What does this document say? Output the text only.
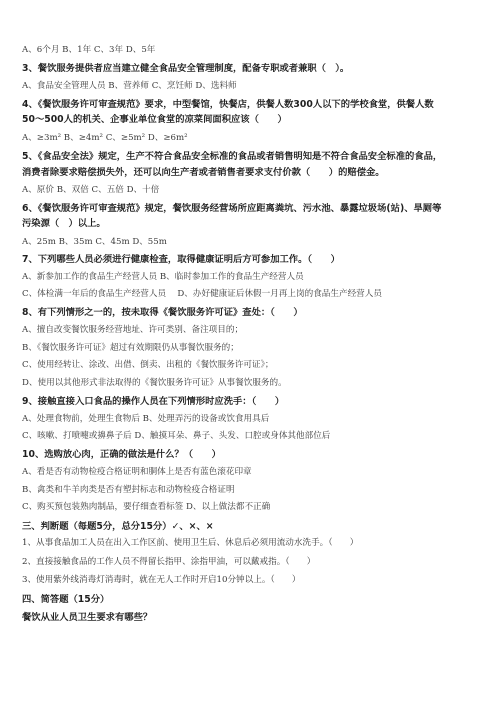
A、6个月 B、1年 C、3年 D、5年
3、餐饮服务提供者应当建立健全食品安全管理制度，配备专职或者兼职（　）。
A、食品安全管理人员 B、营养师 C、烹饪师 D、选料师
4、《餐饮服务许可审查规范》要求，中型餐馆，快餐店，供餐人数300人以下的学校食堂，供餐人数
50～500人的机关、企事业单位食堂的凉菜间面积应该（　　）
A、≥3m² B、≥4m² C、≥5m² D、≥6m²
5、《食品安全法》规定，生产不符合食品安全标准的食品或者销售明知是不符合食品安全标准的食品，
消费者除要求赔偿损失外，还可以向生产者或者销售者要求支付价款（　　）的赔偿金。
A、原价 B、双倍 C、五倍 D、十倍
6、《餐饮服务许可审查规范》规定，餐饮服务经营场所应距离粪坑、污水池、暴露垃圾场(站)、旱厕等
污染源（　）以上。
A、25m B、35m C、45m D、55m
7、下列哪些人员必须进行健康检查，取得健康证明后方可参加工作。（　　）
A、新参加工作的食品生产经营人员 B、临时参加工作的食品生产经营人员
C、体检满一年后的食品生产经营人员　 D、办好健康证后休假一月再上岗的食品生产经营人员
8、有下列情形之一的，按未取得《餐饮服务许可证》查处：（　　）
A、擅自改变餐饮服务经营地址、许可类别、备注项目的；
B、《餐饮服务许可证》超过有效期限仍从事餐饮服务的；
C、使用经转让、涂改、出借、倒卖、出租的《餐饮服务许可证》；
D、使用以其他形式非法取得的《餐饮服务许可证》从事餐饮服务的。
9、接触直接入口食品的操作人员在下列情形时应洗手：（　　）
A、处理食物前，处理生食物后 B、处理弄污的设备或饮食用具后
C、咳嗽、打喷嚏或擤鼻子后 D、触摸耳朵、鼻子、头发、口腔或身体其他部位后
10、选购放心肉，正确的做法是什么？（　　）
A、看是否有动物检疫合格证明和胴体上是否有蓝色滚花印章
B、禽类和牛羊肉类是否有塑封标志和动物检疫合格证明
C、购买预包装熟肉制品，要仔细查看标签 D、以上做法都不正确
三、判断题（每题5分，总分15分）✓、×、×
1、从事食品加工人员在出入工作区前、使用卫生后、休息后必须用流动水洗手。（　　）
2、直接接触食品的工作人员不得留长指甲、涂指甲油，可以戴戒指。（　　）
3、使用紫外线消毒灯消毒时，就在无人工作时开启10分钟以上。（　　）
四、简答题（15分）
餐饮从业人员卫生要求有哪些？
